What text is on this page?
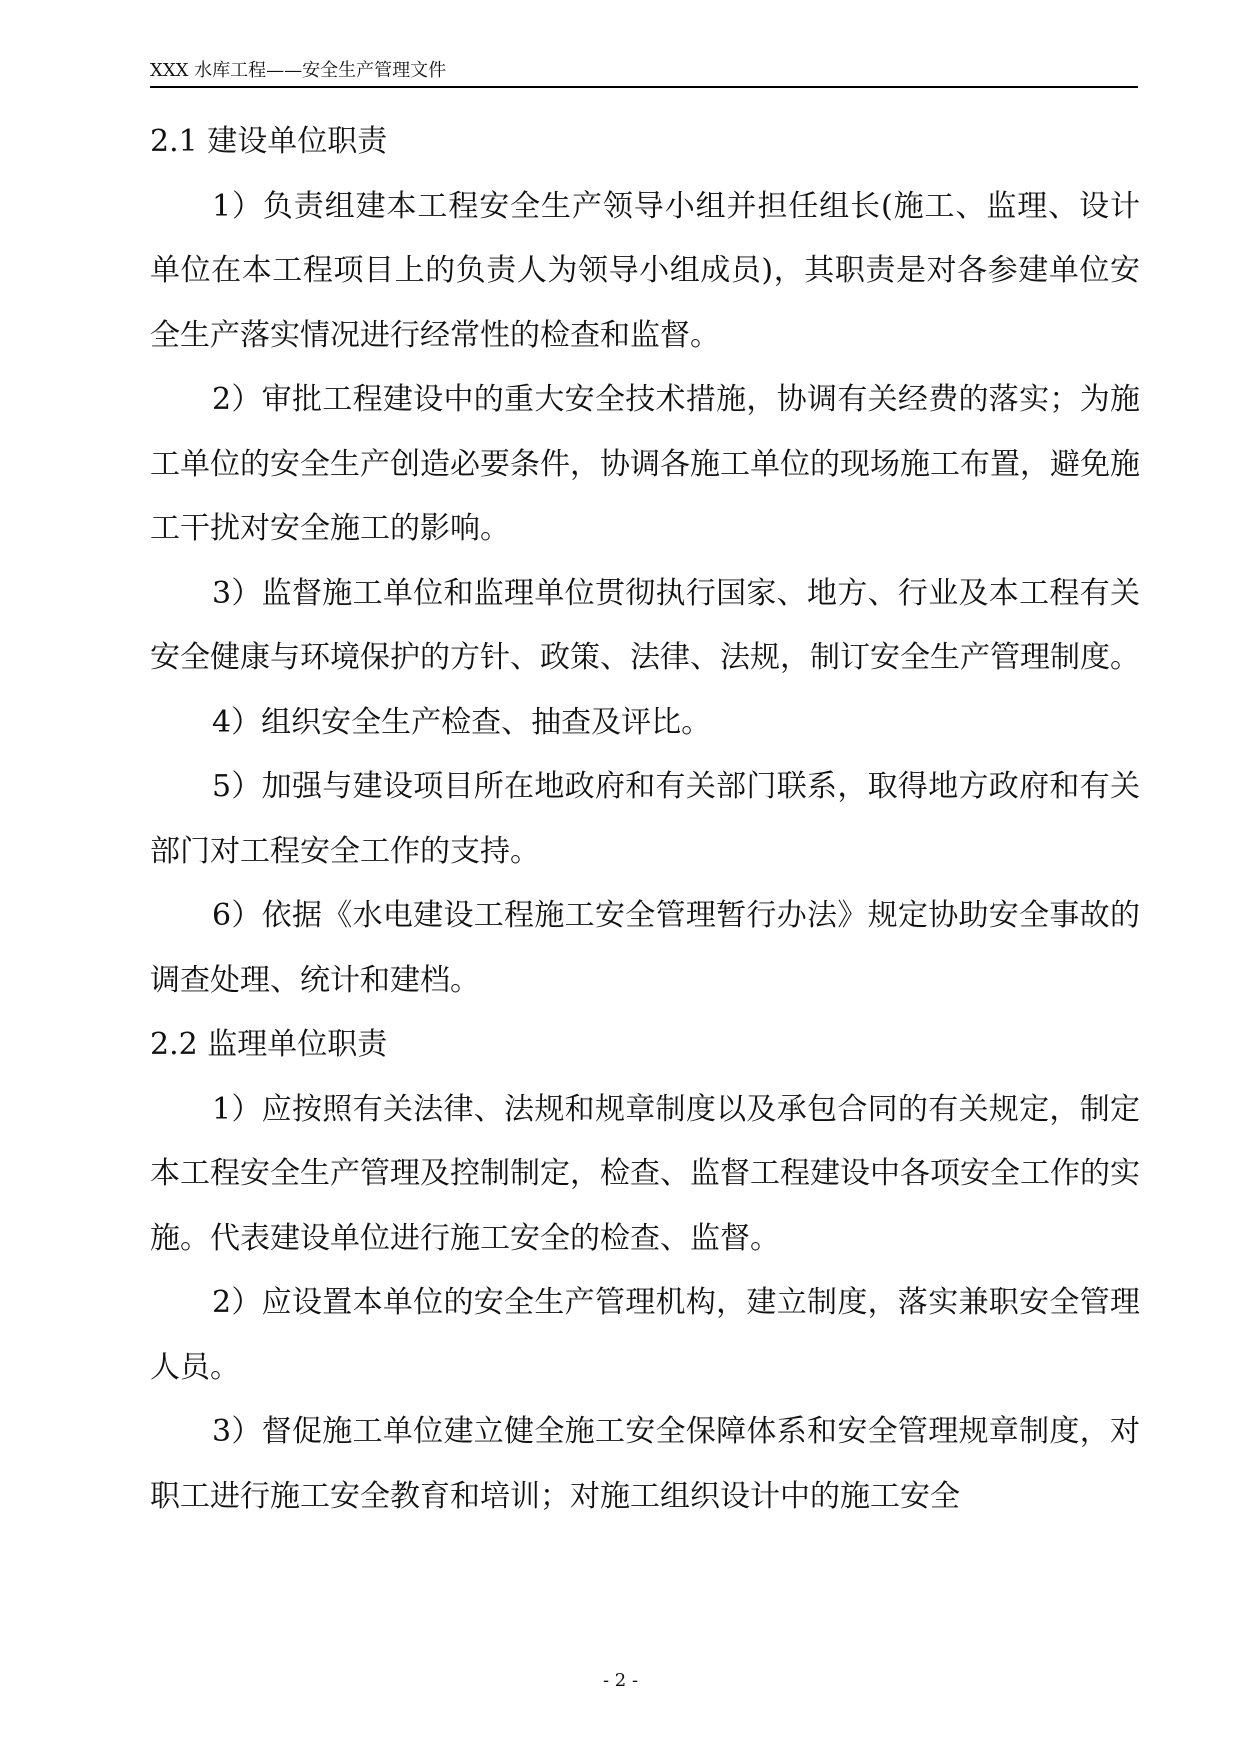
XXX 水库工程——安全生产管理文件
2.1 建设单位职责

1）负责组建本工程安全生产领导小组并担任组长(施工、监理、设计单位在本工程项目上的负责人为领导小组成员)，其职责是对各参建单位安全生产落实情况进行经常性的检查和监督。

2）审批工程建设中的重大安全技术措施，协调有关经费的落实；为施工单位的安全生产创造必要条件，协调各施工单位的现场施工布置，避免施工干扰对安全施工的影响。

3）监督施工单位和监理单位贯彻执行国家、地方、行业及本工程有关安全健康与环境保护的方针、政策、法律、法规，制订安全生产管理制度。

4）组织安全生产检查、抽查及评比。

5）加强与建设项目所在地政府和有关部门联系，取得地方政府和有关部门对工程安全工作的支持。

6）依据《水电建设工程施工安全管理暂行办法》规定协助安全事故的调查处理、统计和建档。

2.2 监理单位职责

1）应按照有关法律、法规和规章制度以及承包合同的有关规定，制定本工程安全生产管理及控制制定，检查、监督工程建设中各项安全工作的实施。代表建设单位进行施工安全的检查、监督。

2）应设置本单位的安全生产管理机构，建立制度，落实兼职安全管理人员。

3）督促施工单位建立健全施工安全保障体系和安全管理规章制度，对职工进行施工安全教育和培训；对施工组织设计中的施工安全

- 2 -
